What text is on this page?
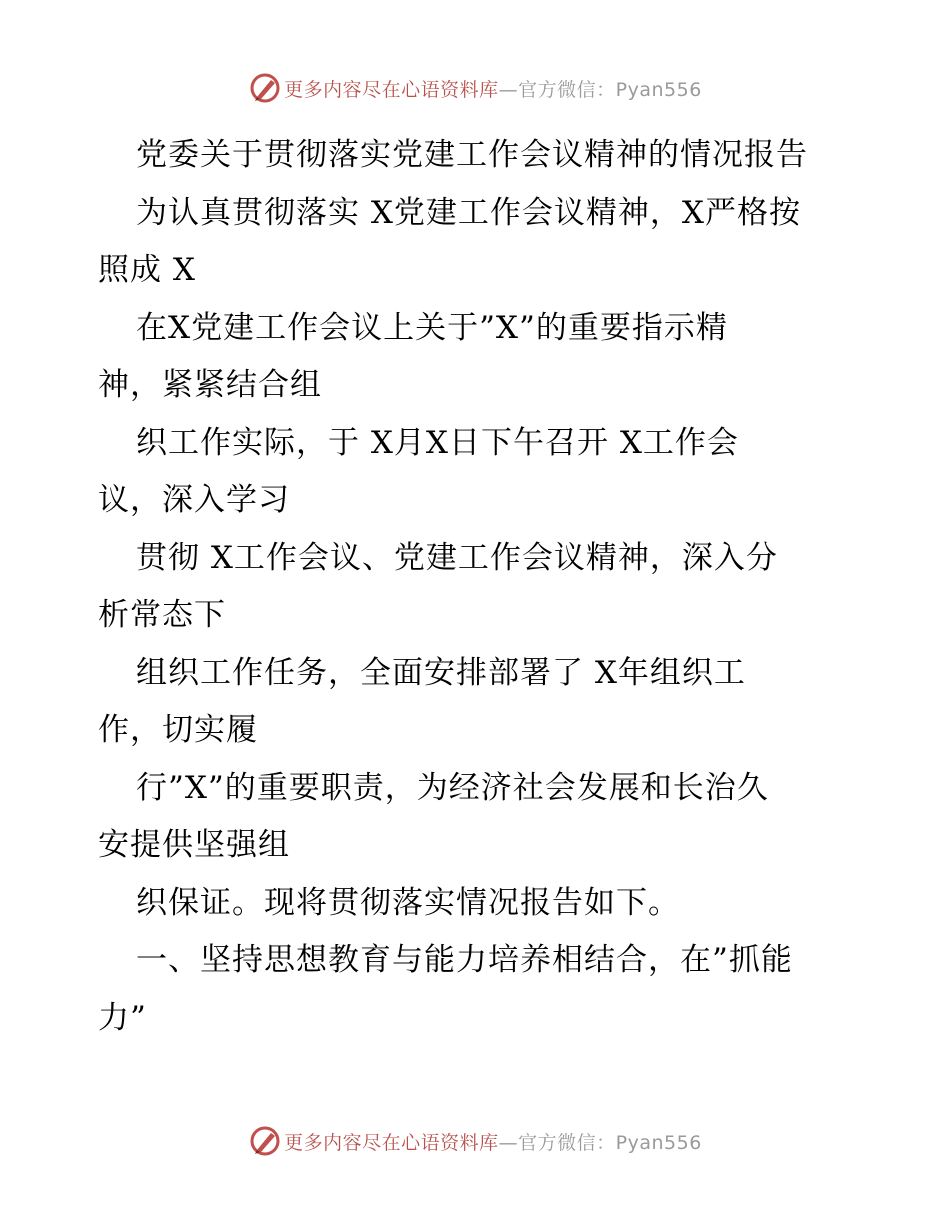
更多内容尽在心语资料库—官方微信：Pyan556
党委关于贯彻落实党建工作会议精神的情况报告
为认真贯彻落实 X党建工作会议精神，X严格按
照成 X
在X党建工作会议上关于”X”的重要指示精
神，紧紧结合组
织工作实际，于 X月X日下午召开 X工作会
议，深入学习
贯彻 X工作会议、党建工作会议精神，深入分
析常态下
组织工作任务，全面安排部署了 X年组织工
作，切实履
行”X”的重要职责，为经济社会发展和长治久
安提供坚强组
织保证。现将贯彻落实情况报告如下。
一、坚持思想教育与能力培养相结合，在”抓能
力”
更多内容尽在心语资料库—官方微信：Pyan556
